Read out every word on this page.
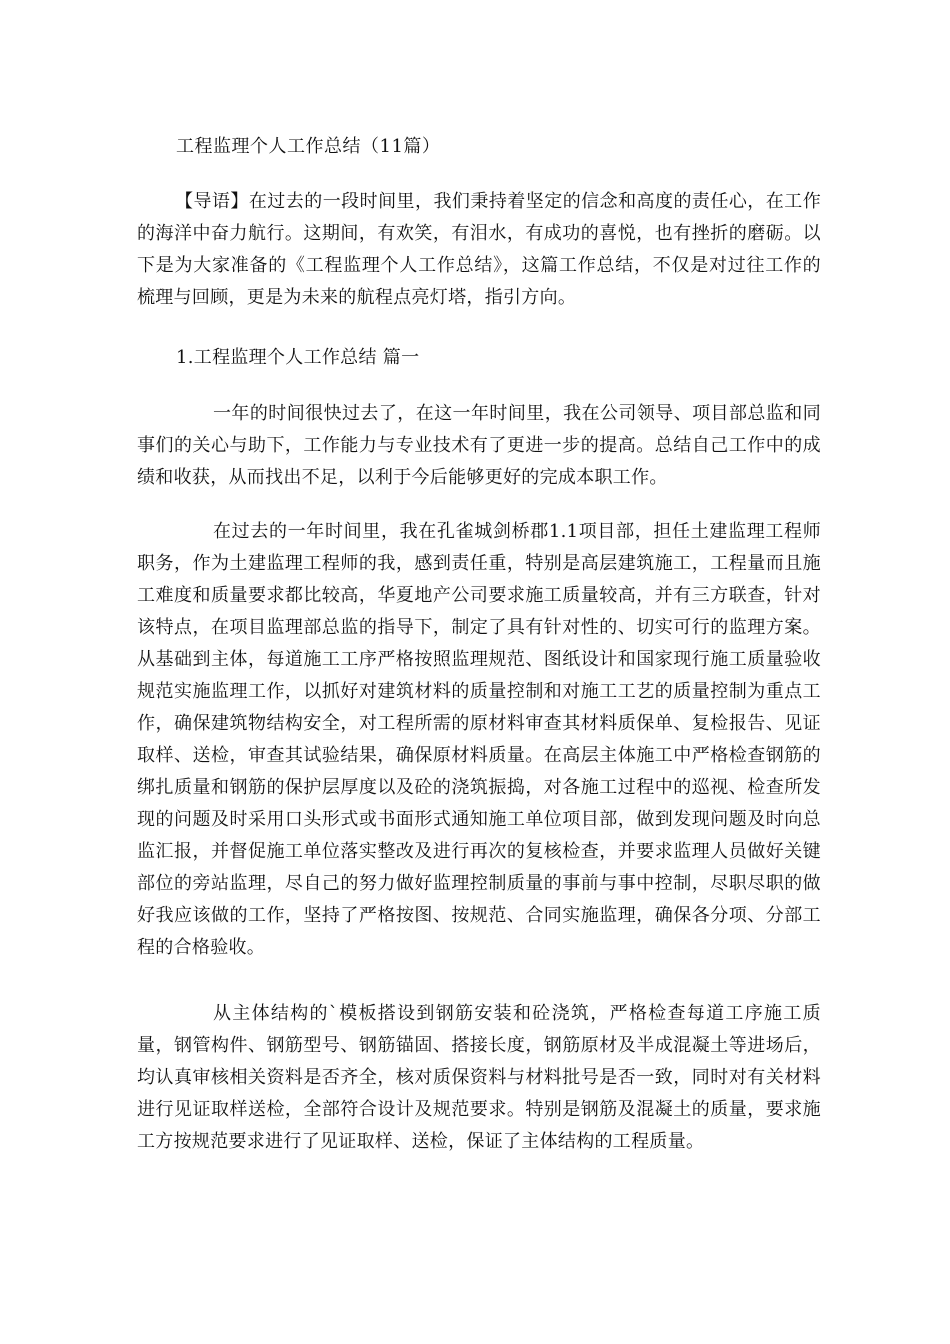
工程监理个人工作总结（11篇）
【导语】在过去的一段时间里，我们秉持着坚定的信念和高度的责任心，在工作的海洋中奋力航行。这期间，有欢笑，有泪水，有成功的喜悦，也有挫折的磨砺。以下是为大家准备的《工程监理个人工作总结》，这篇工作总结，不仅是对过往工作的梳理与回顾，更是为未来的航程点亮灯塔，指引方向。
1.工程监理个人工作总结 篇一
一年的时间很快过去了，在这一年时间里，我在公司领导、项目部总监和同事们的关心与助下，工作能力与专业技术有了更进一步的提高。总结自己工作中的成绩和收获，从而找出不足，以利于今后能够更好的完成本职工作。
在过去的一年时间里，我在孔雀城剑桥郡1.1项目部，担任土建监理工程师职务，作为土建监理工程师的我，感到责任重，特别是高层建筑施工，工程量而且施工难度和质量要求都比较高，华夏地产公司要求施工质量较高，并有三方联查，针对该特点，在项目监理部总监的指导下，制定了具有针对性的、切实可行的监理方案。从基础到主体，每道施工工序严格按照监理规范、图纸设计和国家现行施工质量验收规范实施监理工作，以抓好对建筑材料的质量控制和对施工工艺的质量控制为重点工作，确保建筑物结构安全，对工程所需的原材料审查其材料质保单、复检报告、见证取样、送检，审查其试验结果，确保原材料质量。在高层主体施工中严格检查钢筋的绑扎质量和钢筋的保护层厚度以及砼的浇筑振捣，对各施工过程中的巡视、检查所发现的问题及时采用口头形式或书面形式通知施工单位项目部，做到发现问题及时向总监汇报，并督促施工单位落实整改及进行再次的复核检查，并要求监理人员做好关键部位的旁站监理，尽自己的努力做好监理控制质量的事前与事中控制，尽职尽职的做好我应该做的工作，坚持了严格按图、按规范、合同实施监理，确保各分项、分部工程的合格验收。
从主体结构的`模板搭设到钢筋安装和砼浇筑，严格检查每道工序施工质量，钢管构件、钢筋型号、钢筋锚固、搭接长度，钢筋原材及半成混凝土等进场后，均认真审核相关资料是否齐全，核对质保资料与材料批号是否一致，同时对有关材料进行见证取样送检，全部符合设计及规范要求。特别是钢筋及混凝土的质量，要求施工方按规范要求进行了见证取样、送检，保证了主体结构的工程质量。
